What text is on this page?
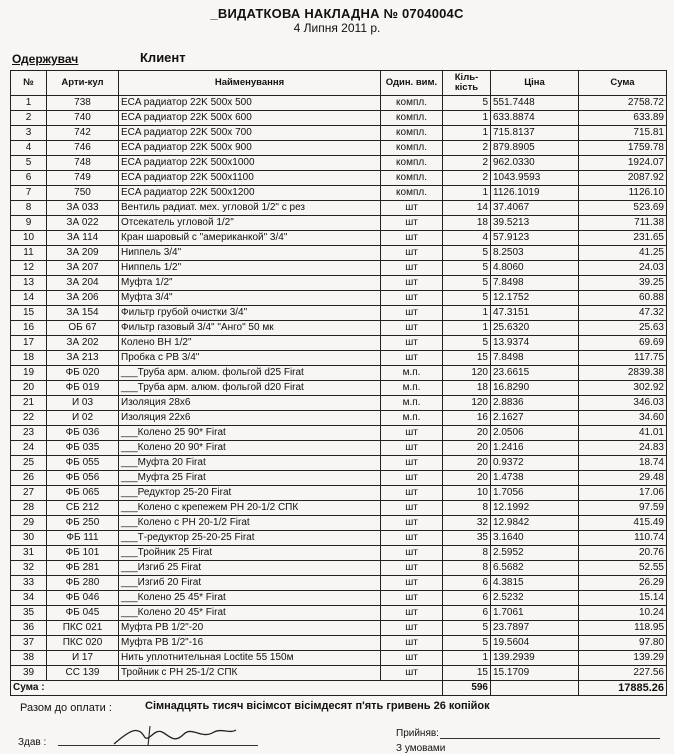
_ВИДАТКОВА НАКЛАДНА № 0704004С
4 Липня 2011 р.
Одержувач	Клиент
№	Арти-кул	Найменування	Один. вим.	Кіль-кість	Ціна	Сума
1	738	ECA радиатор 22K 500x 500	компл.	5	551.7448	2758.72
2	740	ECA радиатор 22K 500x 600	компл.	1	633.8874	633.89
3	742	ECA радиатор 22K 500x 700	компл.	1	715.8137	715.81
4	746	ECA радиатор 22K 500x 900	компл.	2	879.8905	1759.78
5	748	ECA радиатор 22K 500x1000	компл.	2	962.0330	1924.07
6	749	ECA радиатор 22K 500x1100	компл.	2	1043.9593	2087.92
7	750	ECA радиатор 22K 500x1200	компл.	1	1126.1019	1126.10
8	ЗА 033	Вентиль радиат. мех. угловой 1/2" с рез	шт	14	37.4067	523.69
9	ЗА 022	Отсекатель угловой 1/2"	шт	18	39.5213	711.38
10	ЗА 114	Кран шаровый с "американкой" 3/4"	шт	4	57.9123	231.65
11	ЗА 209	Ниппель 3/4"	шт	5	8.2503	41.25
12	ЗА 207	Ниппель 1/2"	шт	5	4.8060	24.03
13	ЗА 204	Муфта 1/2"	шт	5	7.8498	39.25
14	ЗА 206	Муфта 3/4"	шт	5	12.1752	60.88
15	ЗА 154	Фильтр грубой очистки 3/4"	шт	1	47.3151	47.32
16	ОБ 67	Фильтр газовый 3/4" "Анго" 50 мк	шт	1	25.6320	25.63
17	ЗА 202	Колено ВН 1/2"	шт	5	13.9374	69.69
18	ЗА 213	Пробка с РВ 3/4"	шт	15	7.8498	117.75
19	ФБ 020	___Труба арм. алюм. фольгой d25 Firat	м.п.	120	23.6615	2839.38
20	ФБ 019	___Труба арм. алюм. фольгой d20 Firat	м.п.	18	16.8290	302.92
21	И 03	Изоляция 28x6	м.п.	120	2.8836	346.03
22	И 02	Изоляция 22x6	м.п.	16	2.1627	34.60
23	ФБ 036	___Колено 25 90* Firat	шт	20	2.0506	41.01
24	ФБ 035	___Колено 20 90* Firat	шт	20	1.2416	24.83
25	ФБ 055	___Муфта 20 Firat	шт	20	0.9372	18.74
26	ФБ 056	___Муфта 25 Firat	шт	20	1.4738	29.48
27	ФБ 065	___Редуктор 25-20 Firat	шт	10	1.7056	17.06
28	СБ 212	___Колено с крепежем РН 20-1/2 СПК	шт	8	12.1992	97.59
29	ФБ 250	___Колено с РН 20-1/2 Firat	шт	32	12.9842	415.49
30	ФБ 111	___Т-редуктор 25-20-25 Firat	шт	35	3.1640	110.74
31	ФБ 101	___Тройник 25 Firat	шт	8	2.5952	20.76
32	ФБ 281	___Изгиб 25 Firat	шт	8	6.5682	52.55
33	ФБ 280	___Изгиб 20 Firat	шт	6	4.3815	26.29
34	ФБ 046	___Колено 25 45* Firat	шт	6	2.5232	15.14
35	ФБ 045	___Колено 20 45* Firat	шт	6	1.7061	10.24
36	ПКС 021	Муфта РВ 1/2"-20	шт	5	23.7897	118.95
37	ПКС 020	Муфта РВ 1/2"-16	шт	5	19.5604	97.80
38	И 17	Нить уплотнительная Loctite 55 150м	шт	1	139.2939	139.29
39	СС 139	Тройник с РН 25-1/2 СПК	шт	15	15.1709	227.56
Сума :				596		17885.26
Разом до оплати :	Сімнадцять тисяч вісімсот вісімдесят п'ять гривень 26 копійок
Здав :
Прийняв:
З умовами
